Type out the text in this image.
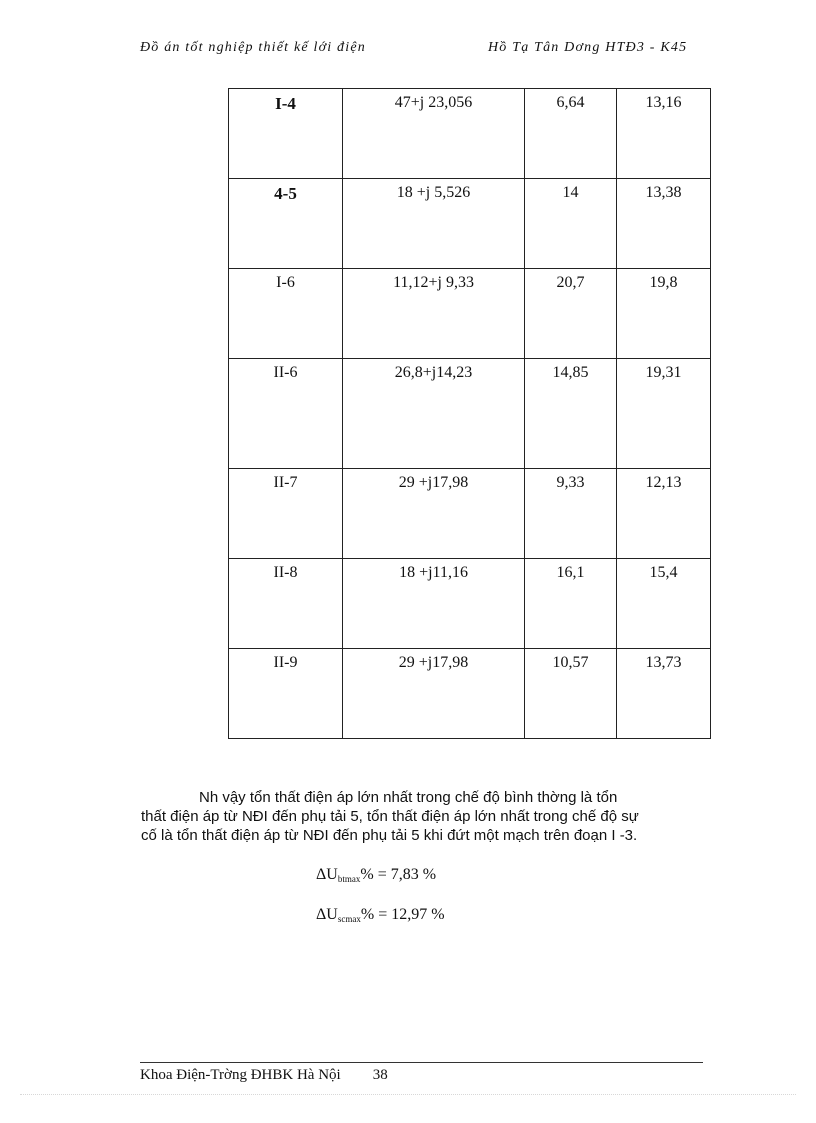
Đồ án tốt nghiệp thiết kế lới điện	Hồ Tạ Tân Dơng HTĐ3 - K45
I-4	47+j 23,056	6,64	13,16
4-5	18 +j 5,526	14	13,38
I-6	11,12+j 9,33	20,7	19,8
II-6	26,8+j14,23	14,85	19,31
II-7	29 +j17,98	9,33	12,13
II-8	18 +j11,16	16,1	15,4
II-9	29 +j17,98	10,57	13,73

Nh vậy tổn thất điện áp lớn nhất trong chế độ bình thờng là tổn
thất điện áp từ NĐI đến phụ tải 5, tổn thất điện áp lớn nhất trong chế độ sự
cố là tổn thất điện áp từ NĐI đến phụ tải 5 khi đứt một mạch trên đoạn I -3.

$\Delta U_{btmax}\% = 7,83$ %
$\Delta U_{scmax}\% = 12,97$ %
Khoa Điện-Trờng ĐHBK Hà Nội 38
